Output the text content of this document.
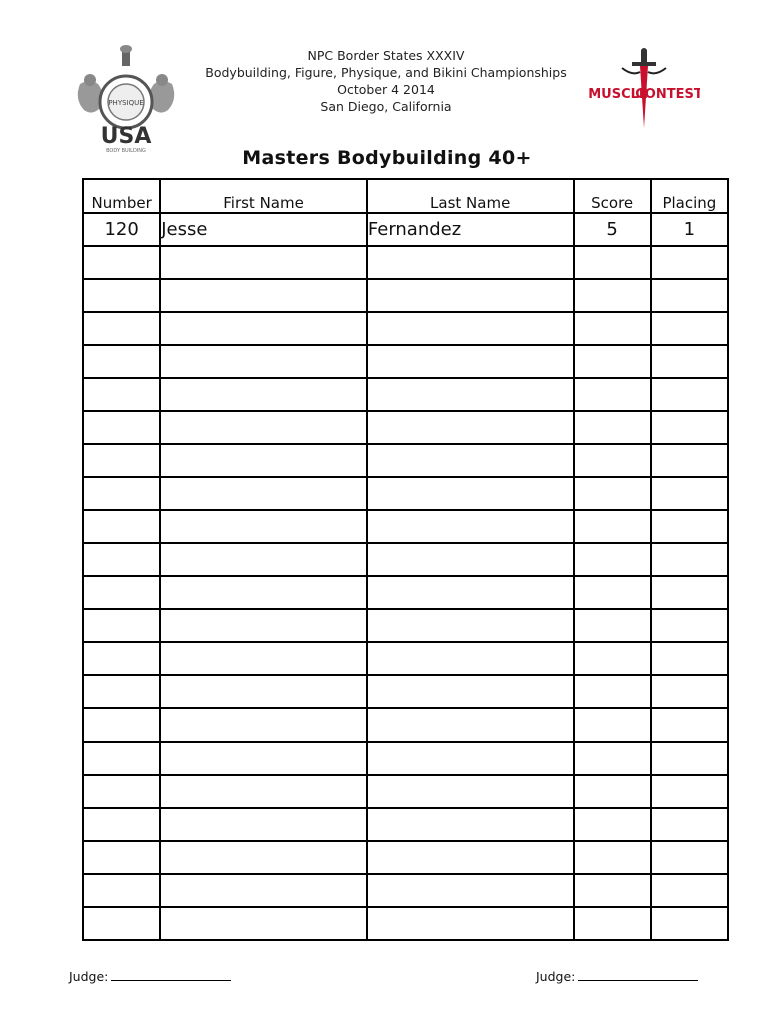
PHYSIQUE
USA
BODY BUILDING
NPC Border States XXXIV
Bodybuilding, Figure, Physique, and Bikini Championships
October 4 2014
San Diego, California
MUSCLE
CONTEST
Masters Bodybuilding 40+
Number	First Name	Last Name	Score	Placing
120	Jesse	Fernandez	5	1

Judge:	Judge:
